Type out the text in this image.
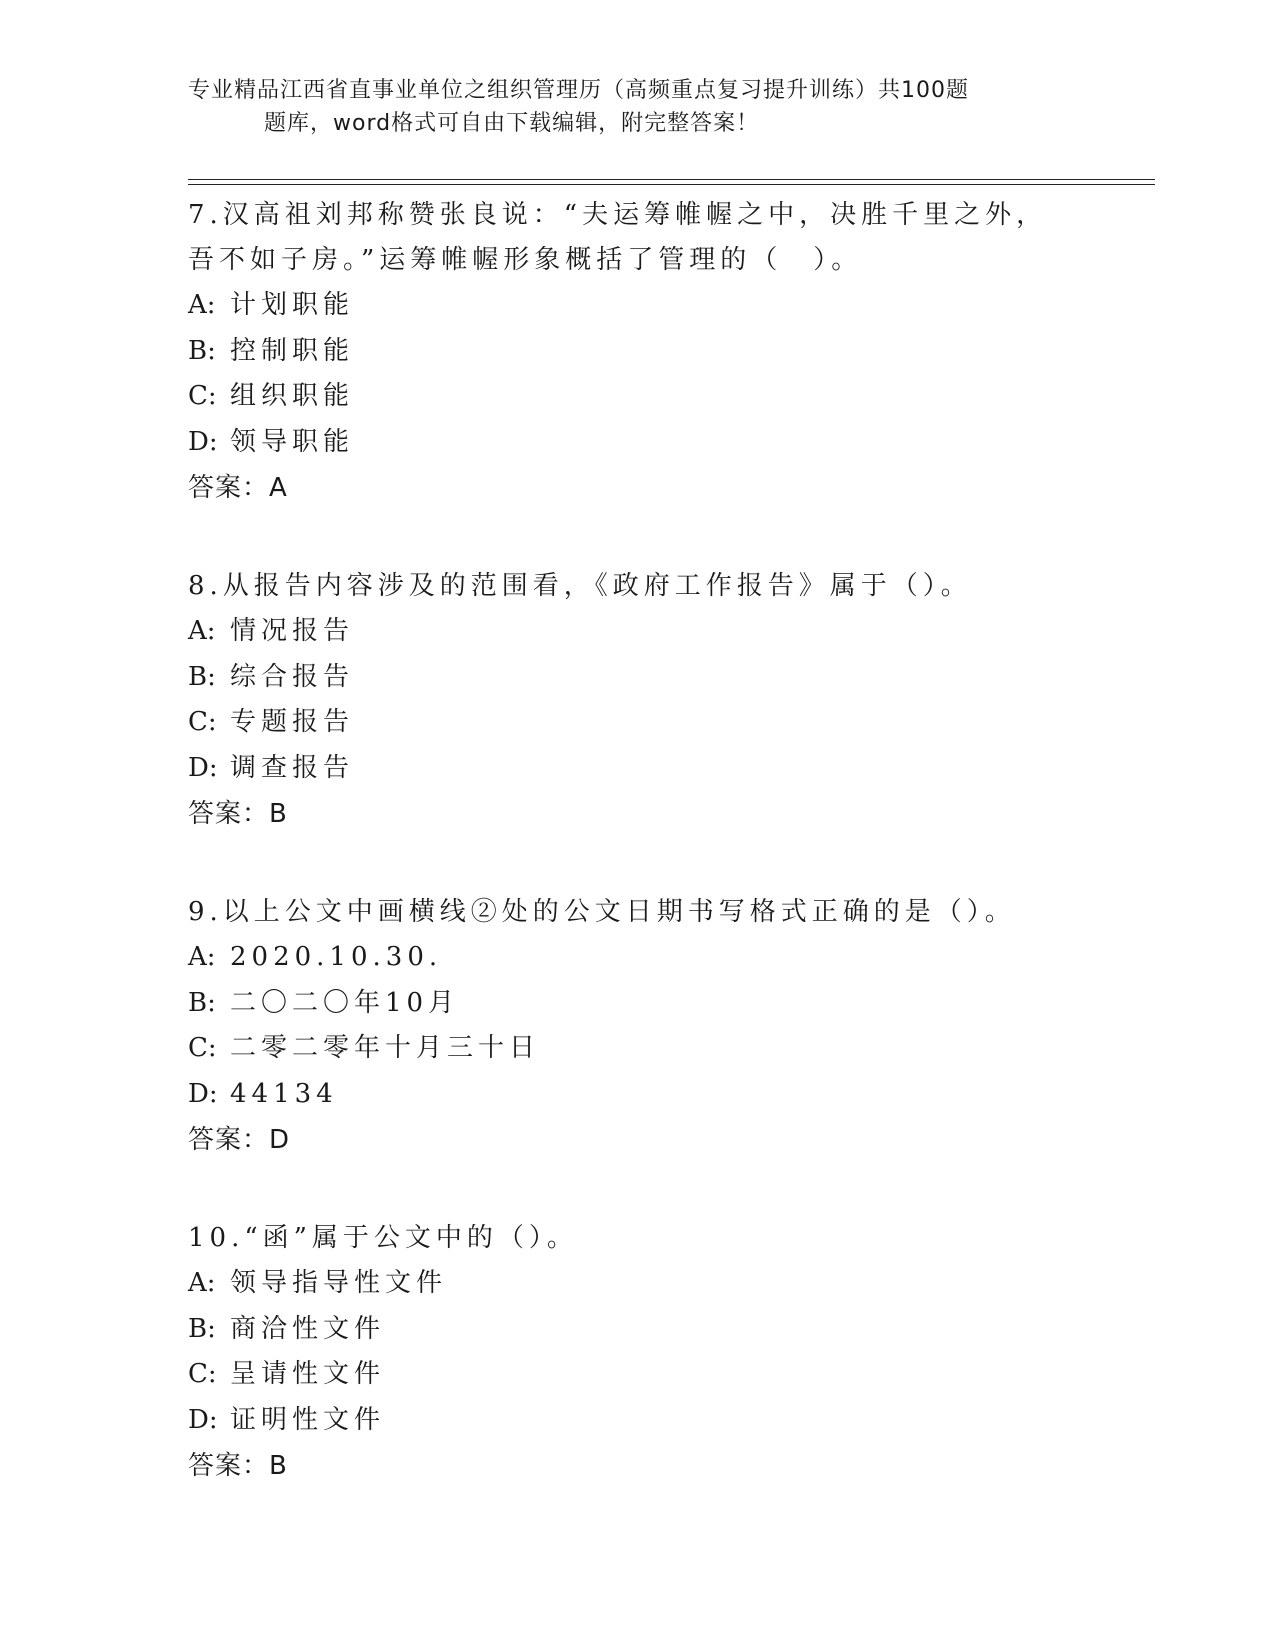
专业精品江西省直事业单位之组织管理历（高频重点复习提升训练）共100题
题库，word格式可自由下载编辑，附完整答案！

7.汉高祖刘邦称赞张良说：“夫运筹帷幄之中，决胜千里之外，吾不如子房。”运筹帷幄形象概括了管理的（　）。

A: 计划职能

B: 控制职能

C: 组织职能

D: 领导职能

答案：A

8.从报告内容涉及的范围看，《政府工作报告》属于（）。

A: 情况报告

B: 综合报告

C: 专题报告

D: 调查报告

答案：B

9.以上公文中画横线②处的公文日期书写格式正确的是（）。

A: 2020.10.30.

B: 二〇二〇年10月

C: 二零二零年十月三十日

D: 44134

答案：D

10.“函”属于公文中的（）。

A: 领导指导性文件

B: 商洽性文件

C: 呈请性文件

D: 证明性文件

答案：B
